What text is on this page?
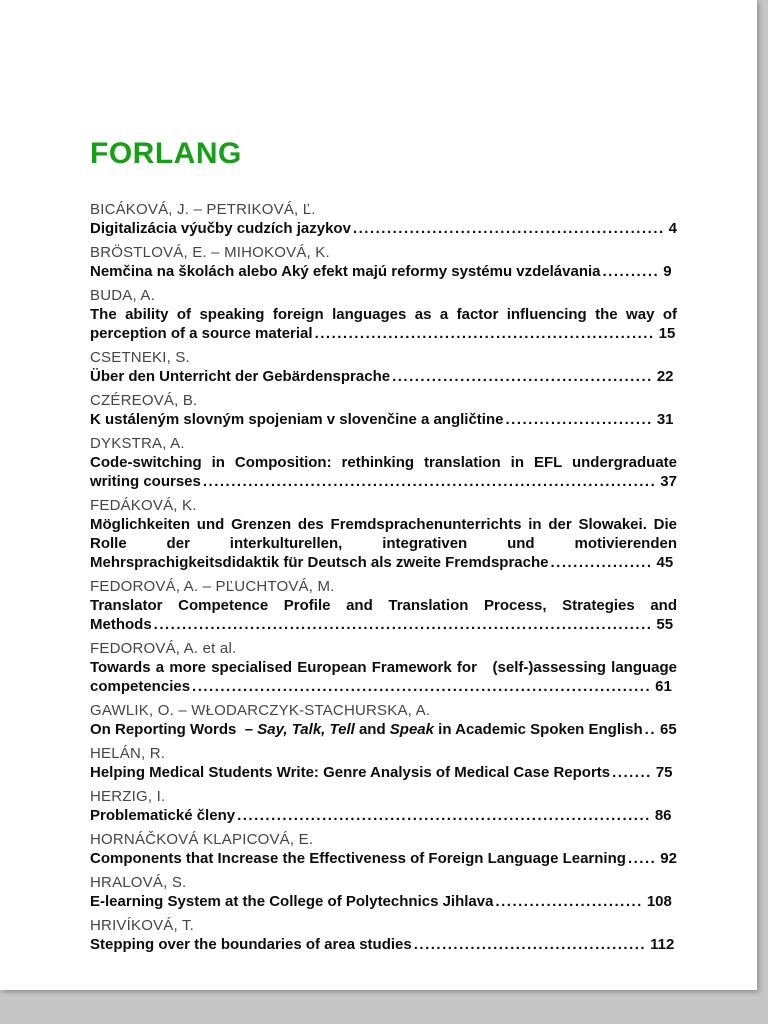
FORLANG
BICÁKOVÁ, J. – PETRIKOVÁ, Ľ.
Digitalizácia výučby cudzích jazykov ....................................................... 4
BRÖSTLOVÁ, E. – MIHOKOVÁ, K.
Nemčina na školách alebo Aký efekt majú reformy systému vzdelávania .......... 9
BUDA, A.
The ability of speaking foreign languages as a factor influencing the way of perception of a source material ............................................................ 15
CSETNEKI, S.
Über den Unterricht der Gebärdensprache .............................................. 22
CZÉREOVÁ, B.
K ustáleným slovným spojeniam v slovenčine a angličtine .......................... 31
DYKSTRA, A.
Code-switching in Composition: rethinking translation in EFL undergraduate writing courses ................................................................................ 37
FEDÁKOVÁ, K.
Möglichkeiten und Grenzen des Fremdsprachenunterrichts in der Slowakei. Die Rolle der interkulturellen, integrativen und motivierenden Mehrsprachigkeitsdidaktik für Deutsch als zweite Fremdsprache .................. 45
FEDOROVÁ, A. – PĽUCHTOVÁ, M.
Translator Competence Profile and Translation Process, Strategies and Methods ........................................................................................ 55
FEDOROVÁ, A. et al.
Towards a more specialised European Framework for   (self-)assessing language competencies ................................................................................. 61
GAWLIK, O. – WŁODARCZYK-STACHURSKA, A.
On Reporting Words  – Say, Talk, Tell and Speak in Academic Spoken English .. 65
HELÁN, R.
Helping Medical Students Write: Genre Analysis of Medical Case Reports ....... 75
HERZIG, I.
Problematické členy ......................................................................... 86
HORNÁČKOVÁ KLAPICOVÁ, E.
Components that Increase the Effectiveness of Foreign Language Learning ..... 92
HRALOVÁ, S.
E-learning System at the College of Polytechnics Jihlava .......................... 108
HRIVÍKOVÁ, T.
Stepping over the boundaries of area studies ......................................... 112
